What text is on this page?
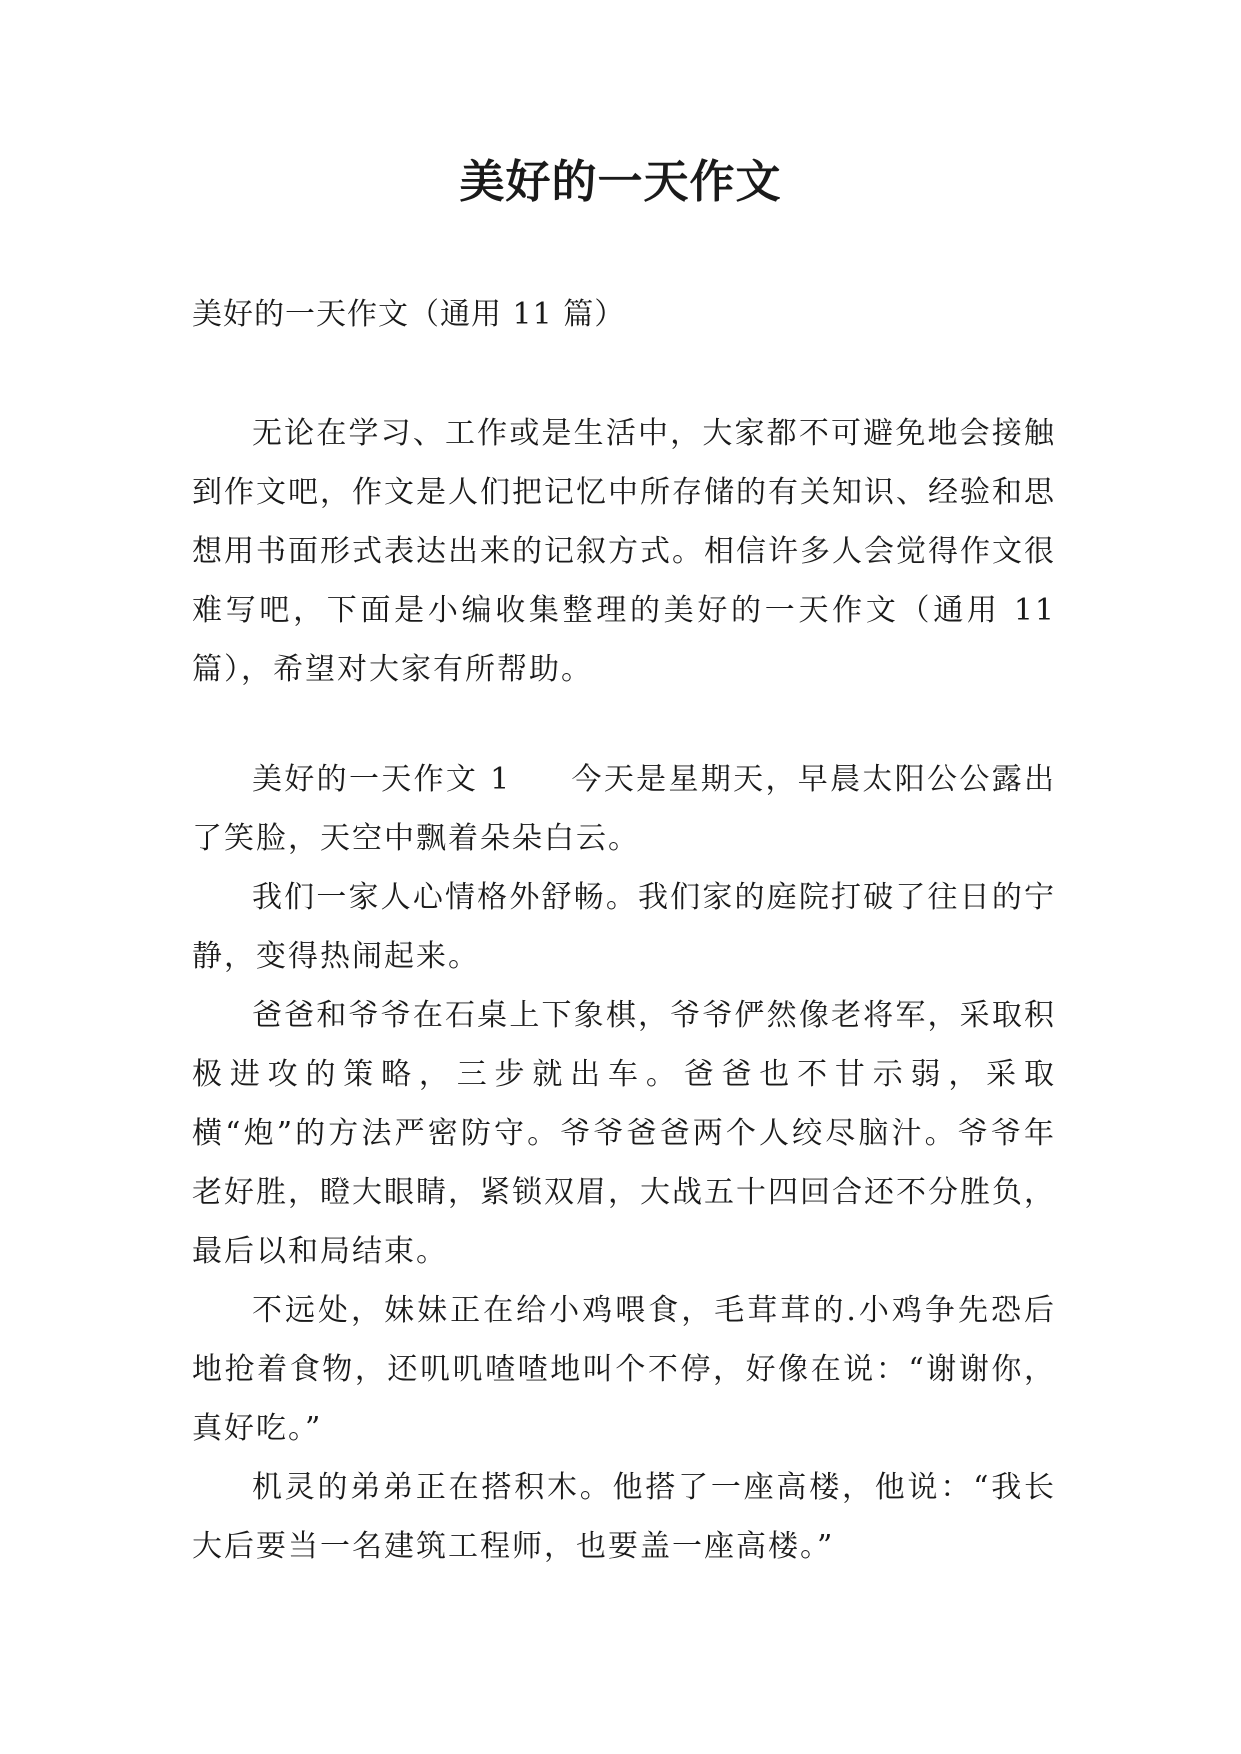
美好的一天作文
美好的一天作文（通用 11 篇）

无论在学习、工作或是生活中，大家都不可避免地会接触到作文吧，作文是人们把记忆中所存储的有关知识、经验和思想用书面形式表达出来的记叙方式。相信许多人会觉得作文很难写吧，下面是小编收集整理的美好的一天作文（通用 11 篇），希望对大家有所帮助。

美好的一天作文 1 今天是星期天，早晨太阳公公露出了笑脸，天空中飘着朵朵白云。

我们一家人心情格外舒畅。我们家的庭院打破了往日的宁静，变得热闹起来。

爸爸和爷爷在石桌上下象棋，爷爷俨然像老将军，采取积极进攻的策略，三步就出车。爸爸也不甘示弱，采取横“炮”的方法严密防守。爷爷爸爸两个人绞尽脑汁。爷爷年老好胜，瞪大眼睛，紧锁双眉，大战五十四回合还不分胜负，最后以和局结束。

不远处，妹妹正在给小鸡喂食，毛茸茸的.小鸡争先恐后地抢着食物，还叽叽喳喳地叫个不停，好像在说：“谢谢你，真好吃。”

机灵的弟弟正在搭积木。他搭了一座高楼，他说：“我长大后要当一名建筑工程师，也要盖一座高楼。”
